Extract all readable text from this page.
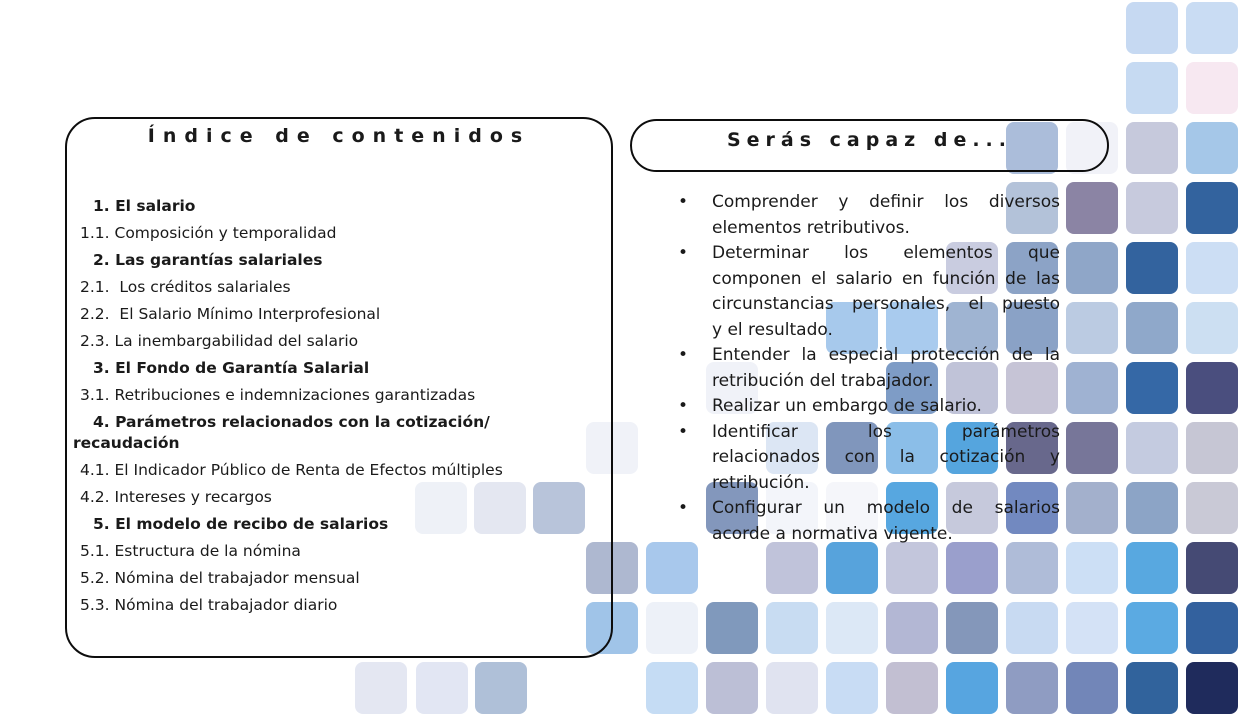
Índice de contenidos
1. El salario
1.1. Composición y temporalidad
2. Las garantías salariales
2.1.  Los créditos salariales
2.2.  El Salario Mínimo Interprofesional
2.3. La inembargabilidad del salario
3. El Fondo de Garantía Salarial
3.1. Retribuciones e indemnizaciones garantizadas
4. Parámetros relacionados con la cotización/
recaudación
4.1. El Indicador Público de Renta de Efectos múltiples
4.2. Intereses y recargos
5. El modelo de recibo de salarios
5.1. Estructura de la nómina
5.2. Nómina del trabajador mensual
5.3. Nómina del trabajador diario
Serás capaz de...
• Comprender y definir los diversos
elementos retributivos.
• Determinar los elementos que
componen el salario en función de las
circunstancias personales, el puesto
y el resultado.
• Entender la especial protección de la
retribución del trabajador.
• Realizar un embargo de salario.
• Identificar los parámetros
relacionados con la cotización y
retribución.
• Configurar un modelo de salarios
acorde a normativa vigente.
